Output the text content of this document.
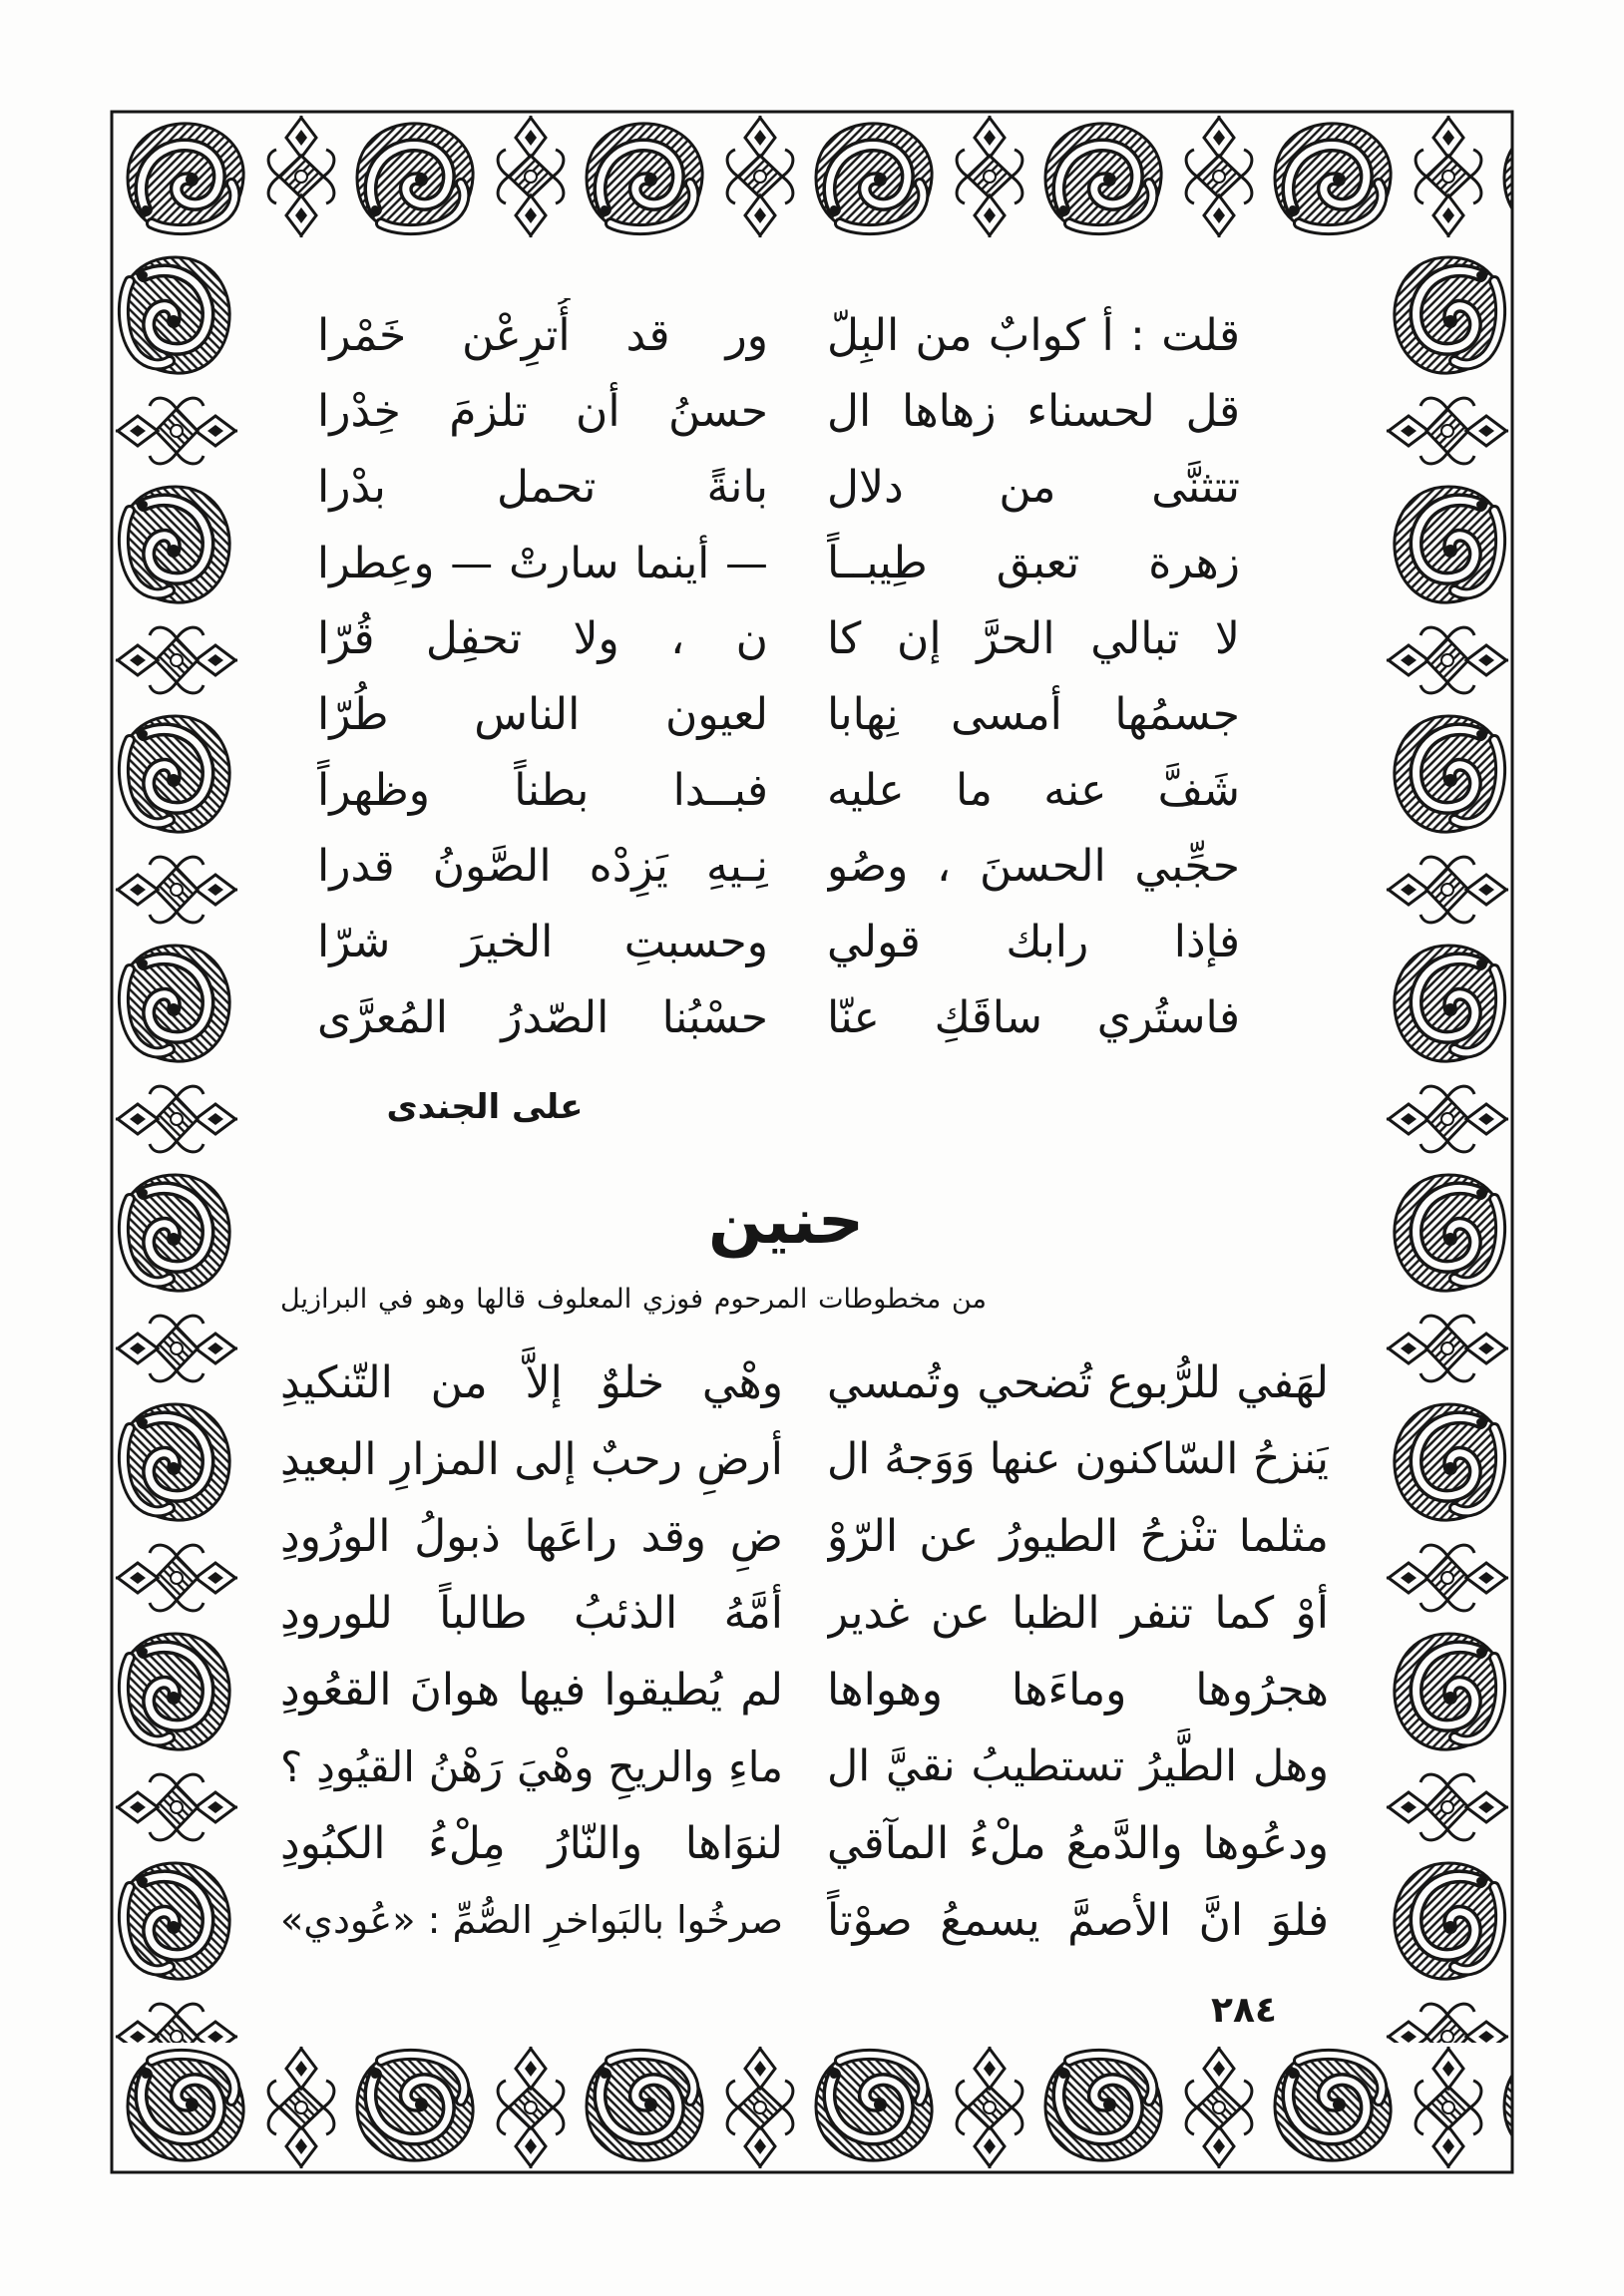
قلت : أ كوابٌ من البِلّ
ور قد أُترِعْن خَمْرا
قل لحسناء زهاها ال
حسنُ أن تلزمَ خِدْرا
تتثنَّى من دلال
بانةً تحمل بدْرا
زهرة تعبق طِيبــاً
— أينما سارتْ — وعِطرا
لا تبالي الحرَّ إن كا
ن ، ولا تحفِل قُرّا
جسمُها أمسى نِهابا
لعيون الناس طُرّا
شَفَّ عنه ما عليه
فبــدا بطناً وظهراً
حجِّبي الحسنَ ، وصُو
نِـيهِ يَزِدْه الصَّونُ قدرا
فإذا رابك قولي
وحسبتِ الخيرَ شرّا
فاستُري ساقَكِ عنّا
حسْبُنا الصّدرُ المُعرَّى
على الجندى
حنين
من مخطوطات المرحوم فوزي المعلوف قالها وهو في البرازيل
لهَفي للرُّبوع تُضحي وتُمسي
وهْي خلوٌ إلاَّ من التّنكيدِ
يَنزحُ السّاكنون عنها وَوَجهُ ال
أرضِ رحبٌ إلى المزارِ البعيدِ
مثلما تنْزحُ الطيورُ عن الرّوْ
ضِ وقد راعَها ذبولُ الورُودِ
أوْ كما تنفر الظبا عن غدير
أمَّهُ الذئبُ طالباً للورودِ
هجرُوها وماءَها وهواها
لم يُطيقوا فيها هوانَ القعُودِ
وهل الطَّيرُ تستطيبُ نقيَّ ال
ماءِ والريحِ وهْيَ رَهْنُ القيُودِ ؟
ودعُوها والدَّمعُ ملْءُ المآقي
لنوَاها والنّارُ مِلْءُ الكبُودِ
فلوَ انَّ الأصمَّ يسمعُ صوْتاً
صرخُوا بالبَواخرِ الصُّمِّ : «عُودي»
٢٨٤
